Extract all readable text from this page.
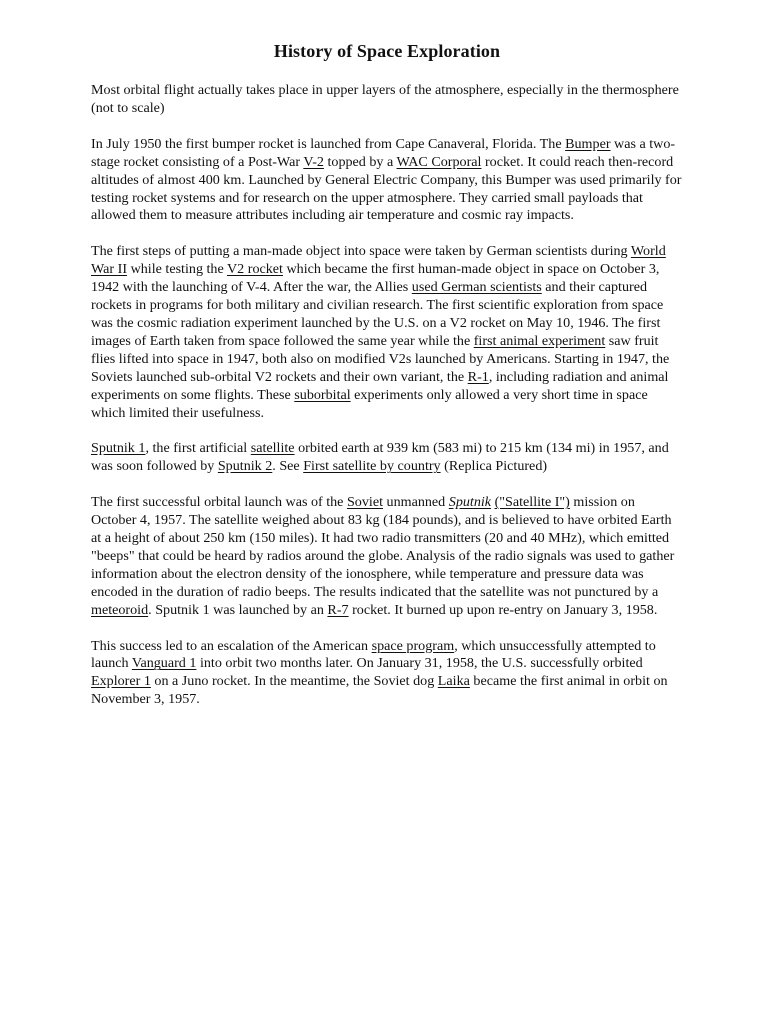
History of Space Exploration

Most orbital flight actually takes place in upper layers of the atmosphere, especially in the thermosphere (not to scale)

In July 1950 the first bumper rocket is launched from Cape Canaveral, Florida. The Bumper was a two-stage rocket consisting of a Post-War V-2 topped by a WAC Corporal rocket. It could reach then-record altitudes of almost 400 km. Launched by General Electric Company, this Bumper was used primarily for testing rocket systems and for research on the upper atmosphere. They carried small payloads that allowed them to measure attributes including air temperature and cosmic ray impacts.

The first steps of putting a man-made object into space were taken by German scientists during World War II while testing the V2 rocket which became the first human-made object in space on October 3, 1942 with the launching of V-4. After the war, the Allies used German scientists and their captured rockets in programs for both military and civilian research. The first scientific exploration from space was the cosmic radiation experiment launched by the U.S. on a V2 rocket on May 10, 1946. The first images of Earth taken from space followed the same year while the first animal experiment saw fruit flies lifted into space in 1947, both also on modified V2s launched by Americans. Starting in 1947, the Soviets launched sub-orbital V2 rockets and their own variant, the R-1, including radiation and animal experiments on some flights. These suborbital experiments only allowed a very short time in space which limited their usefulness.

Sputnik 1, the first artificial satellite orbited earth at 939 km (583 mi) to 215 km (134 mi) in 1957, and was soon followed by Sputnik 2. See First satellite by country (Replica Pictured)

The first successful orbital launch was of the Soviet unmanned Sputnik ("Satellite I") mission on October 4, 1957. The satellite weighed about 83 kg (184 pounds), and is believed to have orbited Earth at a height of about 250 km (150 miles). It had two radio transmitters (20 and 40 MHz), which emitted "beeps" that could be heard by radios around the globe. Analysis of the radio signals was used to gather information about the electron density of the ionosphere, while temperature and pressure data was encoded in the duration of radio beeps. The results indicated that the satellite was not punctured by a meteoroid. Sputnik 1 was launched by an R-7 rocket. It burned up upon re-entry on January 3, 1958.

This success led to an escalation of the American space program, which unsuccessfully attempted to launch Vanguard 1 into orbit two months later. On January 31, 1958, the U.S. successfully orbited Explorer 1 on a Juno rocket. In the meantime, the Soviet dog Laika became the first animal in orbit on November 3, 1957.
